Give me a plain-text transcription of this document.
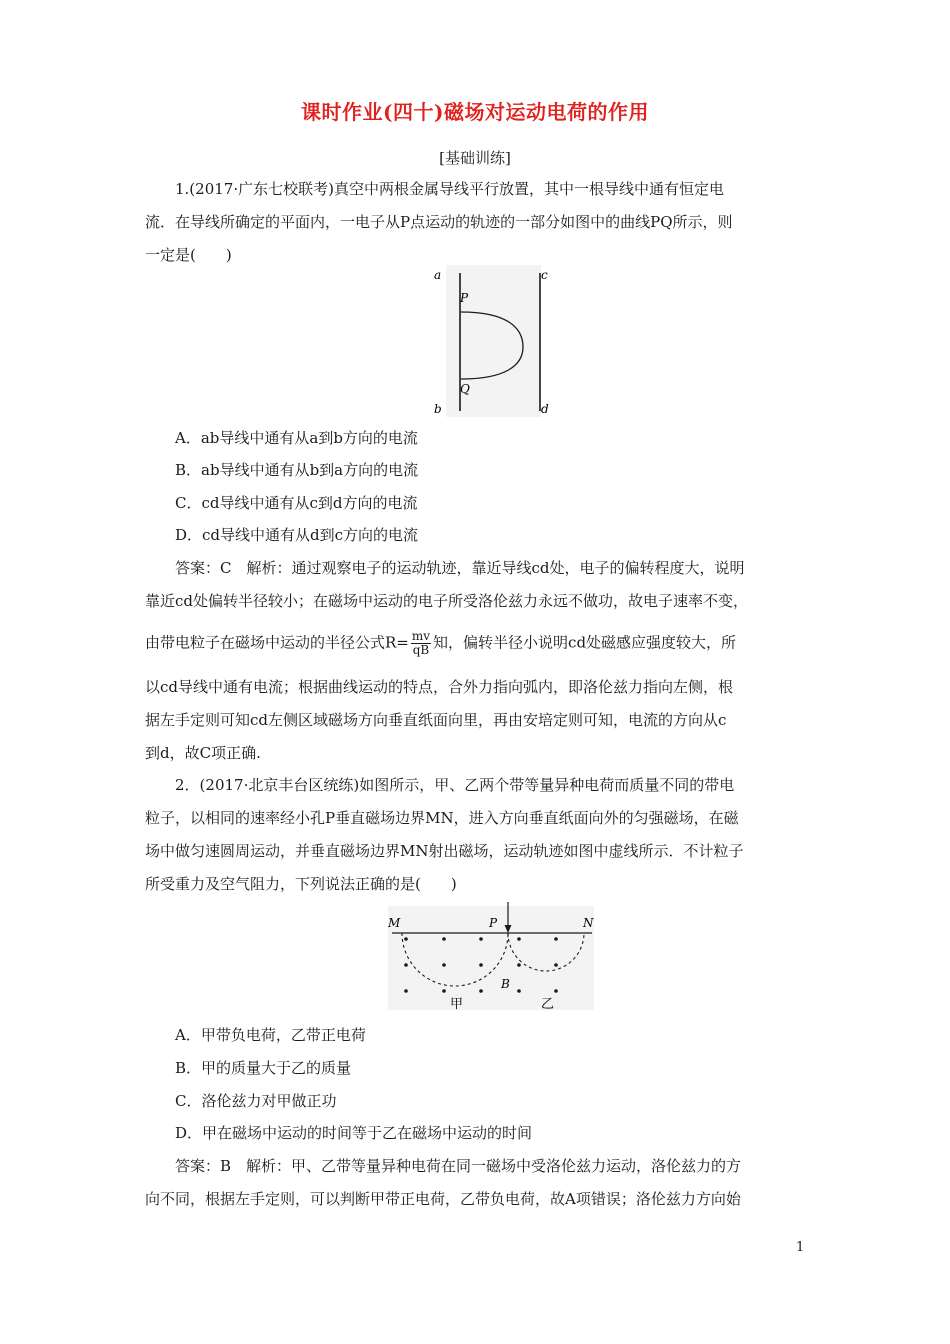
课时作业(四十)磁场对运动电荷的作用
[基础训练]
1.(2017·广东七校联考)真空中两根金属导线平行放置，其中一根导线中通有恒定电
流．在导线所确定的平面内，一电子从P点运动的轨迹的一部分如图中的曲线PQ所示，则
一定是(　　)
a
b
c
d
P
Q
A．ab导线中通有从a到b方向的电流
B．ab导线中通有从b到a方向的电流
C．cd导线中通有从c到d方向的电流
D．cd导线中通有从d到c方向的电流
答案：C　解析：通过观察电子的运动轨迹，靠近导线cd处，电子的偏转程度大，说明
靠近cd处偏转半径较小；在磁场中运动的电子所受洛伦兹力永远不做功，故电子速率不变，
由带电粒子在磁场中运动的半径公式$R= \frac{mv}{qB}$ 知，偏转半径小说明cd处磁感应强度较大，所
以cd导线中通有电流；根据曲线运动的特点，合外力指向弧内，即洛伦兹力指向左侧，根
据左手定则可知cd左侧区域磁场方向垂直纸面向里，再由安培定则可知，电流的方向从c
到d，故C项正确.
2．(2017·北京丰台区统练)如图所示，甲、乙两个带等量异种电荷而质量不同的带电
粒子，以相同的速率经小孔P垂直磁场边界MN，进入方向垂直纸面向外的匀强磁场，在磁
场中做匀速圆周运动，并垂直磁场边界MN射出磁场，运动轨迹如图中虚线所示．不计粒子
所受重力及空气阻力，下列说法正确的是(　　)
M	P	N
B
甲	乙
A．甲带负电荷，乙带正电荷
B．甲的质量大于乙的质量
C．洛伦兹力对甲做正功
D．甲在磁场中运动的时间等于乙在磁场中运动的时间
答案：B　解析：甲、乙带等量异种电荷在同一磁场中受洛伦兹力运动，洛伦兹力的方
向不同，根据左手定则，可以判断甲带正电荷，乙带负电荷，故A项错误；洛伦兹力方向始
1
